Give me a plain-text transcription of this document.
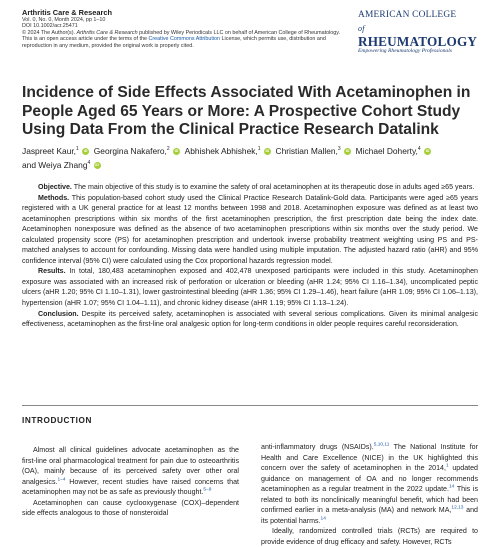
Arthritis Care & Research
Vol. 0, No. 0, Month 2024, pp 1–10
DOI 10.1002/acr.25471
© 2024 The Author(s). Arthritis Care & Research published by Wiley Periodicals LLC on behalf of American College of Rheumatology.
This is an open access article under the terms of the Creative Commons Attribution License, which permits use, distribution and
reproduction in any medium, provided the original work is properly cited.
AMERICAN COLLEGE
of RHEUMATOLOGY
Empowering Rheumatology Professionals
Incidence of Side Effects Associated With Acetaminophen in People Aged 65 Years or More: A Prospective Cohort Study Using Data From the Clinical Practice Research Datalink
Jaspreet Kaur,$^1$ iD Georgina Nakafero,$^2$ iD Abhishek Abhishek,$^1$ iD Christian Mallen,$^3$ iD Michael Doherty,$^4$ iD
and Weiya Zhang$^4$ iD

Objective. The main objective of this study is to examine the safety of oral acetaminophen at its therapeutic dose in adults aged ≥65 years.

Methods. This population-based cohort study used the Clinical Practice Research Datalink-Gold data. Participants were aged ≥65 years registered with a UK general practice for at least 12 months between 1998 and 2018. Acetaminophen exposure was defined as at least two acetaminophen prescriptions within six months of the first acetaminophen prescription, the first prescription date being the index date. Acetaminophen nonexposure was defined as the absence of two acetaminophen prescriptions within six months over the study period. We calculated propensity score (PS) for acetaminophen prescription and undertook inverse probability treatment weighting using PS and PS-matched analyses to account for confounding. Missing data were handled using multiple imputation. The adjusted hazard ratio (aHR) and 95% confidence interval (95% CI) were calculated using the Cox proportional hazards regression model.

Results. In total, 180,483 acetaminophen exposed and 402,478 unexposed participants were included in this study. Acetaminophen exposure was associated with an increased risk of perforation or ulceration or bleeding (aHR 1.24; 95% CI 1.16–1.34), uncomplicated peptic ulcers (aHR 1.20; 95% CI 1.10–1.31), lower gastrointestinal bleeding (aHR 1.36; 95% CI 1.29–1.46), heart failure (aHR 1.09; 95% CI 1.06–1.13), hypertension (aHR 1.07; 95% CI 1.04–1.11), and chronic kidney disease (aHR 1.19; 95% CI 1.13–1.24).

Conclusion. Despite its perceived safety, acetaminophen is associated with several serious complications. Given its minimal analgesic effectiveness, acetaminophen as the first-line oral analgesic option for long-term conditions in older people requires careful reconsideration.

INTRODUCTION

Almost all clinical guidelines advocate acetaminophen as the first-line oral pharmacological treatment for pain due to osteoarthritis (OA), mainly because of its perceived safety over other oral analgesics.$^{1-4}$ However, recent studies have raised concerns that acetaminophen may not be as safe as previously thought.$^{5-9}$

Acetaminophen can cause cyclooxygenase (COX)–dependent side effects analogous to those of nonsteroidal

anti-inflammatory drugs (NSAIDs).$^{5,10,11}$ The National Institute for Health and Care Excellence (NICE) in the UK highlighted this concern over the safety of acetaminophen in the 2014,$^1$ updated guidance on management of OA and no longer recommends acetaminophen as a regular treatment in the 2022 update.$^{14}$ This is related to both its nonclinically meaningful benefit, which had been confirmed earlier in a meta-analysis (MA) and network MA,$^{12,13}$ and its potential harms.$^{14}$

Ideally, randomized controlled trials (RCTs) are required to provide evidence of drug efficacy and safety. However, RCTs
